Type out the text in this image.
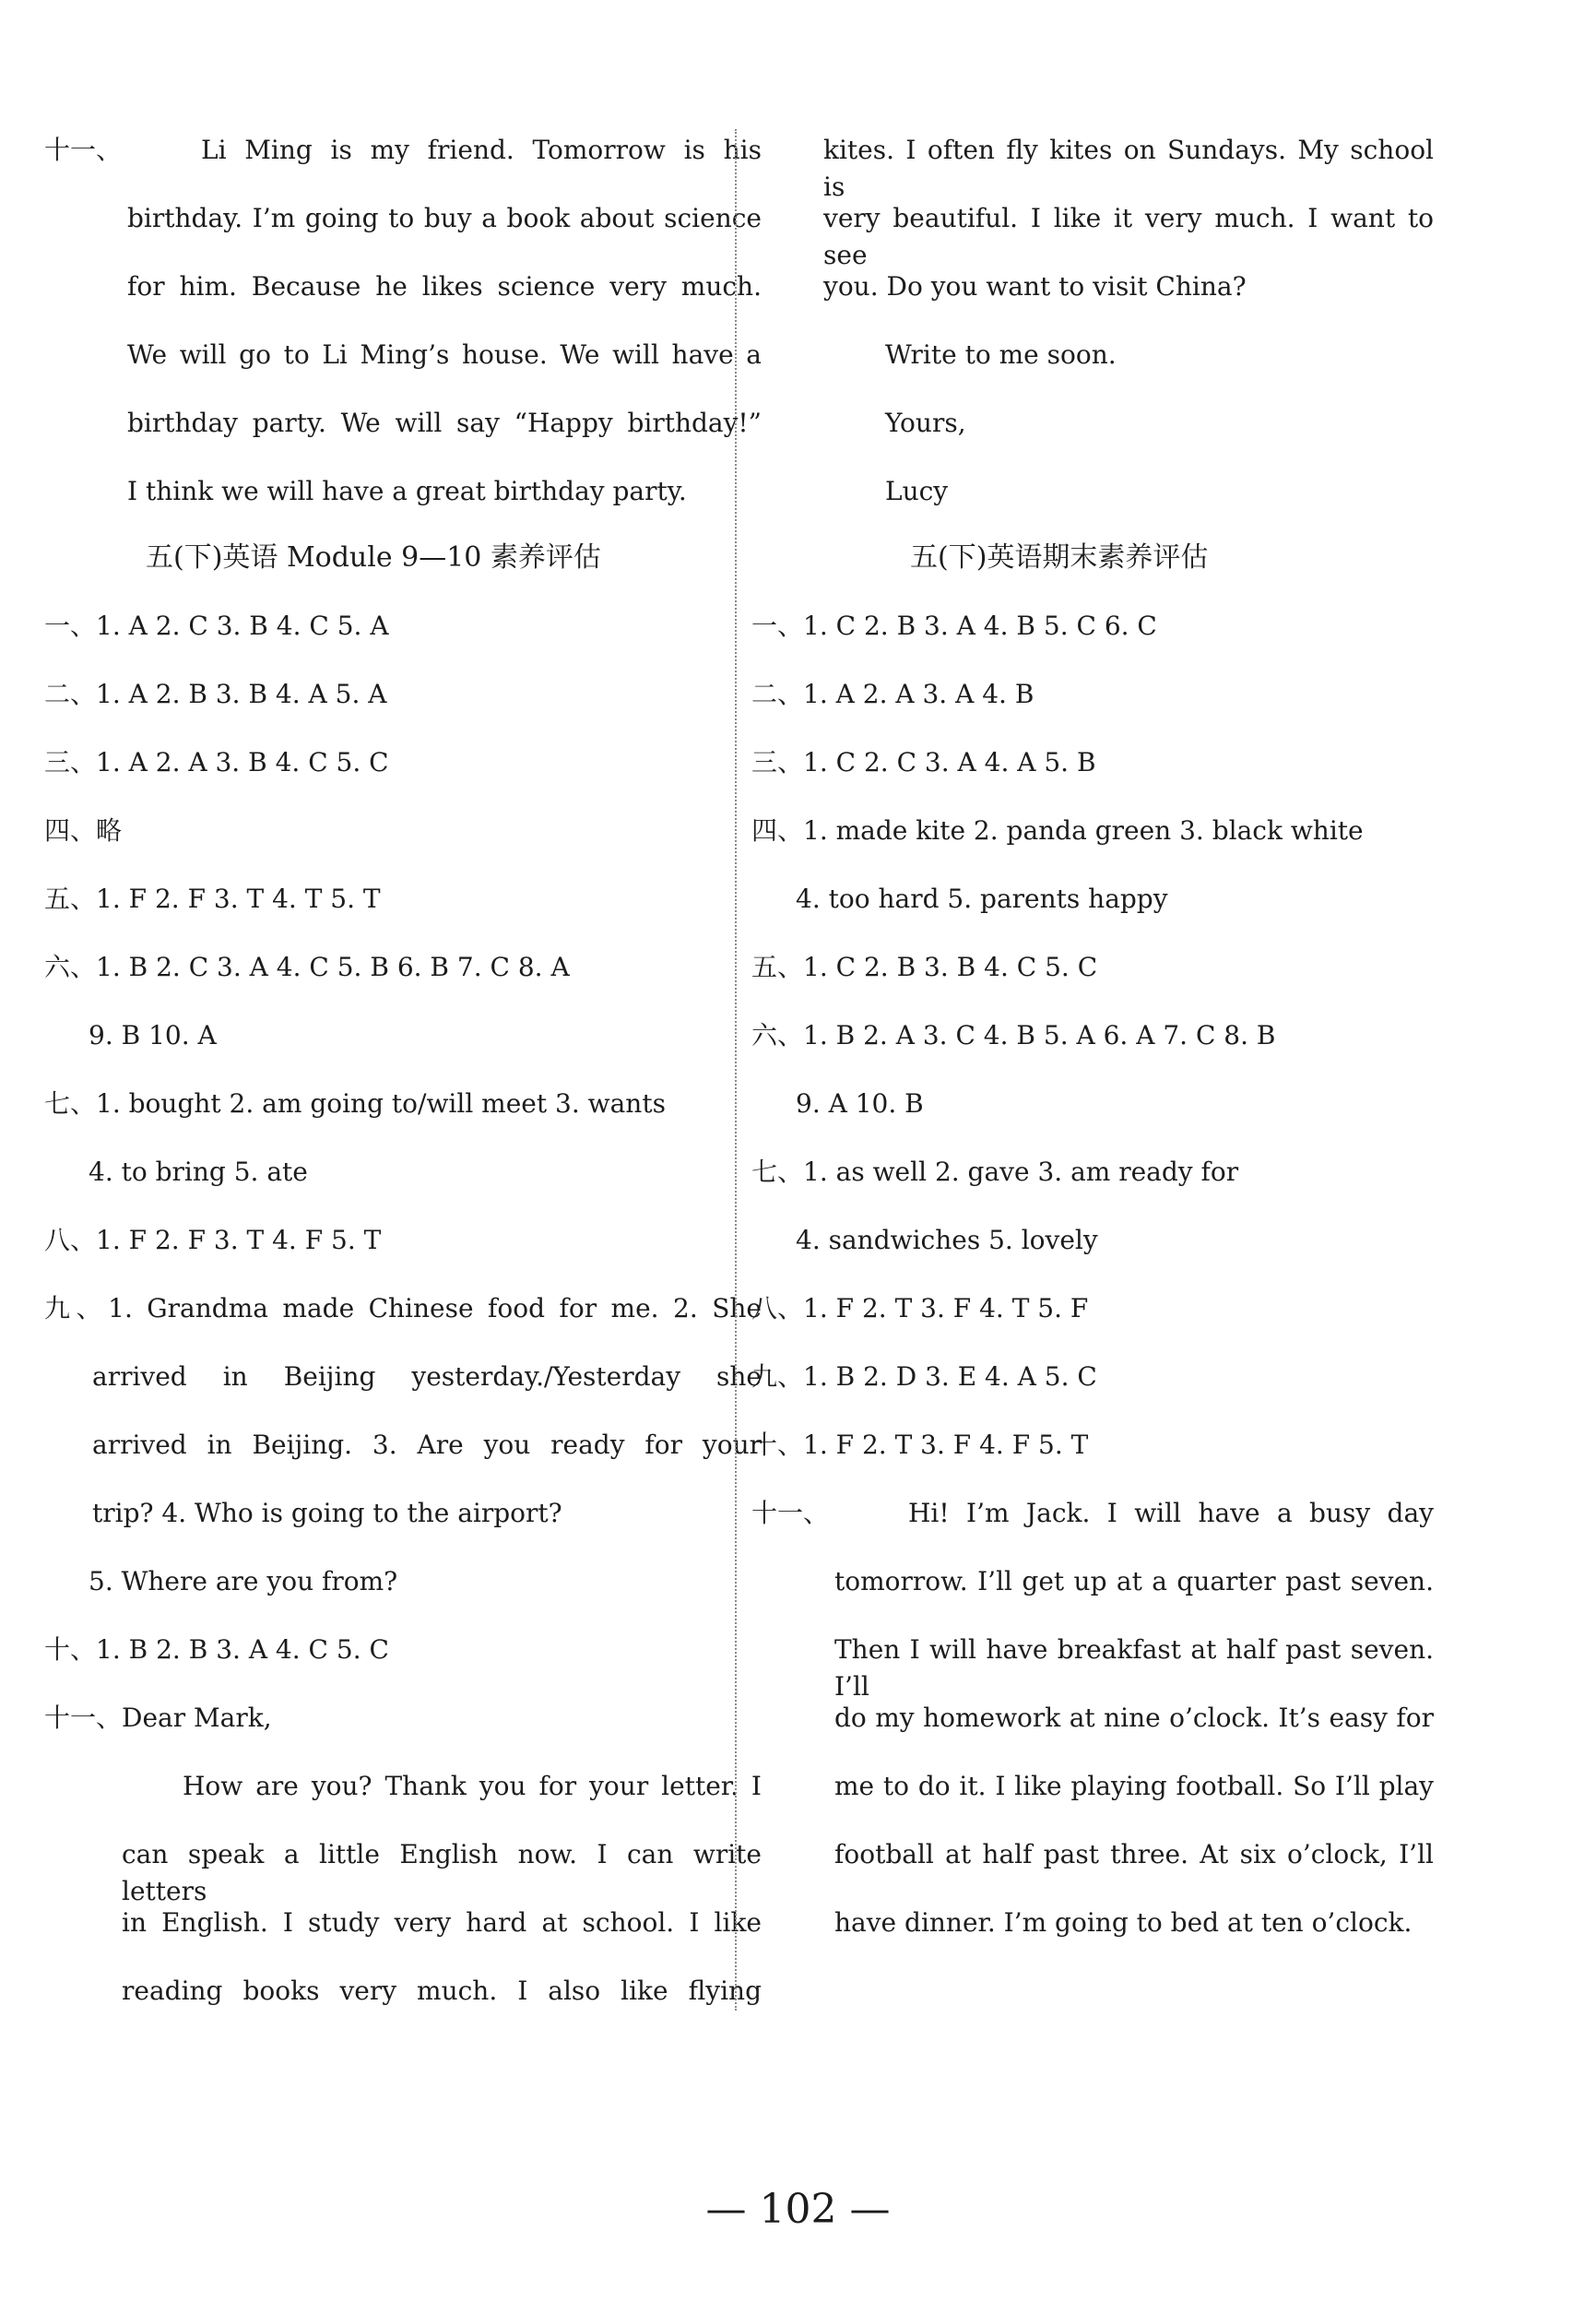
十一、	Li Ming is my friend. Tomorrow is his
birthday. I’m going to buy a book about science
for him. Because he likes science very much.
We will go to Li Ming’s house. We will have a
birthday party. We will say “Happy birthday!”
I think we will have a great birthday party.
五(下)英语 Module 9—10 素养评估
一、1. A 2. C 3. B 4. C 5. A
二、1. A 2. B 3. B 4. A 5. A
三、1. A 2. A 3. B 4. C 5. C
四、略
五、1. F 2. F 3. T 4. T 5. T
六、1. B 2. C 3. A 4. C 5. B 6. B 7. C 8. A
9. B 10. A
七、1. bought 2. am going to/will meet 3. wants
4. to bring 5. ate
八、1. F 2. F 3. T 4. F 5. T
九、1. Grandma made Chinese food for me. 2. She
arrived in Beijing yesterday./Yesterday she
arrived in Beijing. 3. Are you ready for your
trip? 4. Who is going to the airport?
5. Where are you from?
十、1. B 2. B 3. A 4. C 5. C
十一、Dear Mark,
How are you? Thank you for your letter. I
can speak a little English now. I can write letters
in English. I study very hard at school. I like
reading books very much. I also like flying
kites. I often fly kites on Sundays. My school is
very beautiful. I like it very much. I want to see
you. Do you want to visit China?
Write to me soon.
Yours,
Lucy
五(下)英语期末素养评估
一、1. C 2. B 3. A 4. B 5. C 6. C
二、1. A 2. A 3. A 4. B
三、1. C 2. C 3. A 4. A 5. B
四、1. made kite 2. panda green 3. black white
4. too hard 5. parents happy
五、1. C 2. B 3. B 4. C 5. C
六、1. B 2. A 3. C 4. B 5. A 6. A 7. C 8. B
9. A 10. B
七、1. as well 2. gave 3. am ready for
4. sandwiches 5. lovely
八、1. F 2. T 3. F 4. T 5. F
九、1. B 2. D 3. E 4. A 5. C
十、1. F 2. T 3. F 4. F 5. T
十一、	Hi! I’m Jack. I will have a busy day
tomorrow. I’ll get up at a quarter past seven.
Then I will have breakfast at half past seven. I’ll
do my homework at nine o’clock. It’s easy for
me to do it. I like playing football. So I’ll play
football at half past three. At six o’clock, I’ll
have dinner. I’m going to bed at ten o’clock.
— 102 —
